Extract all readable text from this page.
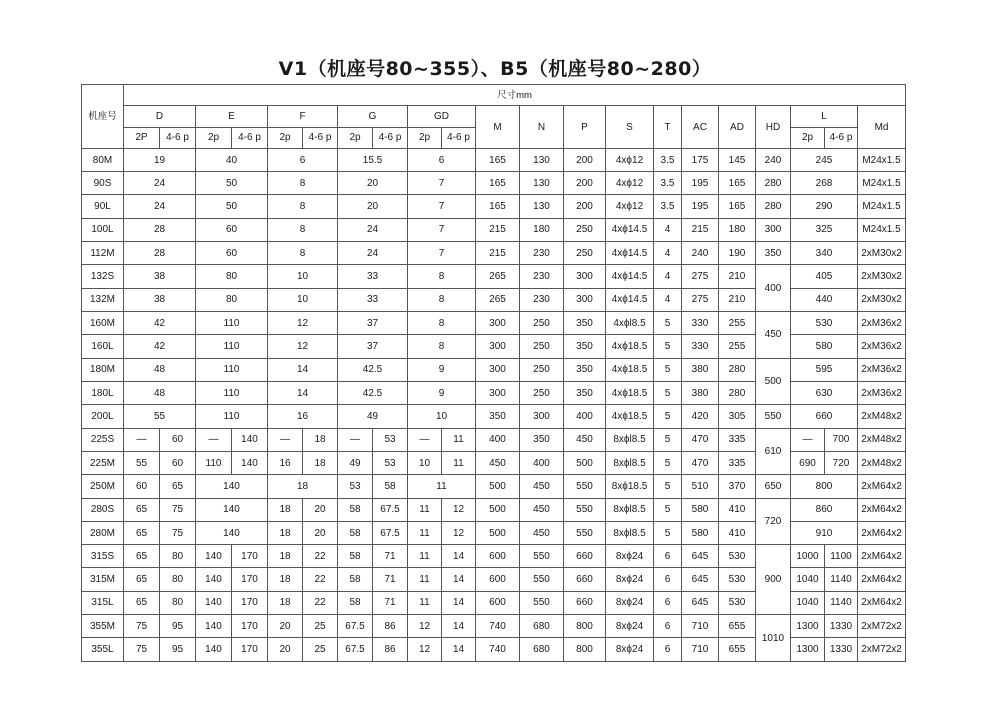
V1（机座号80~355）、B5（机座号80~280）
机座号	尺寸mm																				
	D		E		F		G		GD		M	N	P	S	T	AC	AD	HD	L		Md
	2P	4-6 p	2p	4-6 p	2p	4-6 p	2p	4-6 p	2p	4-6 p									2p	4-6 p	
80M	19		40		6		15.5		6		165	130	200	4xϕ12	3.5	175	145	240	245		M24x1.5
90S	24		50		8		20		7		165	130	200	4xϕ12	3.5	195	165	280	268		M24x1.5
90L	24		50		8		20		7		165	130	200	4xϕ12	3.5	195	165	280	290		M24x1.5
100L	28		60		8		24		7		215	180	250	4xϕ14.5	4	215	180	300	325		M24x1.5
112M	28		60		8		24		7		215	230	250	4xϕ14.5	4	240	190	350	340		2xM30x2
132S	38		80		10		33		8		265	230	300	4xϕ14.5	4	275	210	400	405		2xM30x2
132M	38		80		10		33		8		265	230	300	4xϕ14.5	4	275	210		440		2xM30x2
160M	42		110		12		37		8		300	250	350	4xϕl8.5	5	330	255	450	530		2xM36x2
160L	42		110		12		37		8		300	250	350	4xϕ18.5	5	330	255		580		2xM36x2
180M	48		110		14		42.5		9		300	250	350	4xϕ18.5	5	380	280	500	595		2xM36x2
180L	48		110		14		42.5		9		300	250	350	4xϕ18.5	5	380	280		630		2xM36x2
200L	55		110		16		49		10		350	300	400	4xϕ18.5	5	420	305	550	660		2xM48x2
225S	—	60	—	140	—	18	—	53	—	11	400	350	450	8xϕl8.5	5	470	335	610	—	700	2xM48x2
225M	55	60	110	140	16	18	49	53	10	11	450	400	500	8xϕl8.5	5	470	335		690	720	2xM48x2
250M	60	65	140		18		53	58	11		500	450	550	8xϕ18.5	5	510	370	650	800		2xM64x2
280S	65	75	140		18	20	58	67.5	11	12	500	450	550	8xϕl8.5	5	580	410	720	860		2xM64x2
280M	65	75	140		18	20	58	67.5	11	12	500	450	550	8xϕl8.5	5	580	410		910		2xM64x2
315S	65	80	140	170	18	22	58	71	11	14	600	550	660	8xϕ24	6	645	530	900	1000	1100	2xM64x2
315M	65	80	140	170	18	22	58	71	11	14	600	550	660	8xϕ24	6	645	530		1040	1140	2xM64x2
315L	65	80	140	170	18	22	58	71	11	14	600	550	660	8xϕ24	6	645	530		1040	1140	2xM64x2
355M	75	95	140	170	20	25	67.5	86	12	14	740	680	800	8xϕ24	6	710	655	1010	1300	1330	2xM72x2
355L	75	95	140	170	20	25	67.5	86	12	14	740	680	800	8xϕ24	6	710	655		1300	1330	2xM72x2
